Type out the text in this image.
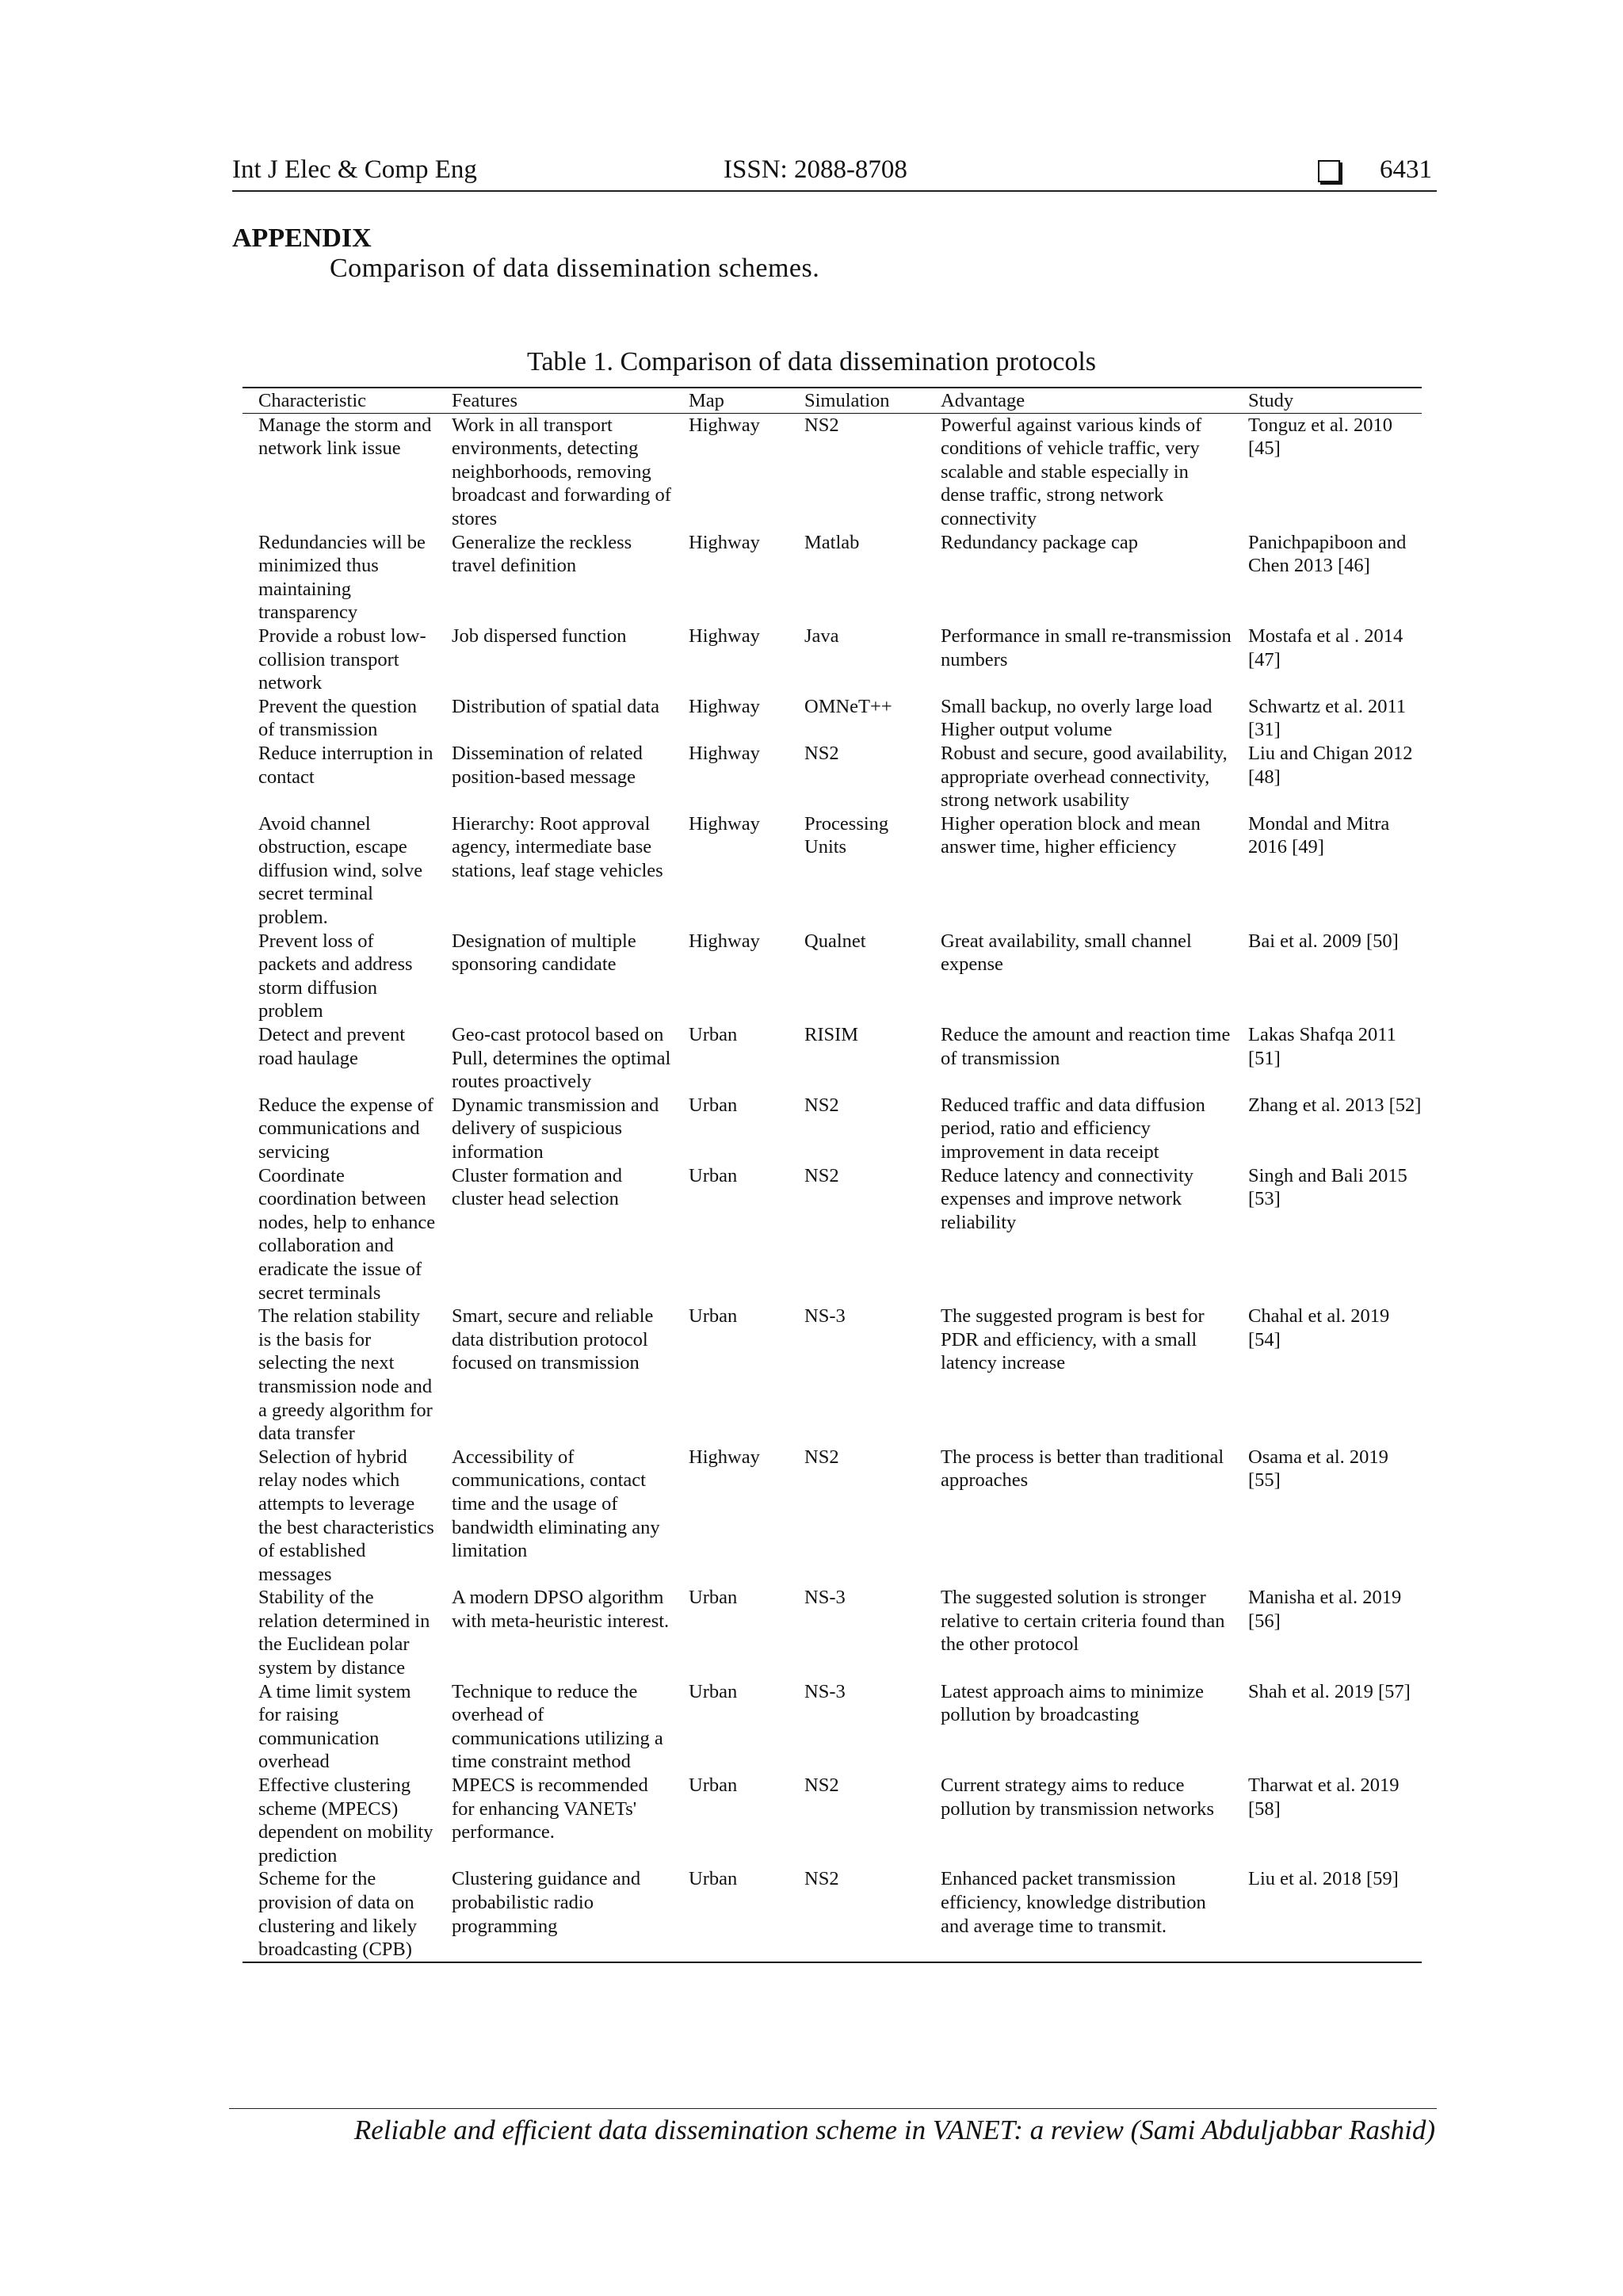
Int J Elec & Comp Eng	ISSN: 2088-8708	6431
APPENDIX
Comparison of data dissemination schemes.
Table 1. Comparison of data dissemination protocols
Characteristic	Features	Map	Simulation	Advantage	Study
Manage the storm and network link issue	Work in all transport environments, detecting neighborhoods, removing broadcast and forwarding of stores	Highway	NS2	Powerful against various kinds of conditions of vehicle traffic, very scalable and stable especially in dense traffic, strong network connectivity	Tonguz et al. 2010 [45]
Redundancies will be minimized thus maintaining transparency	Generalize the reckless travel definition	Highway	Matlab	Redundancy package cap	Panichpapiboon and Chen 2013 [46]
Provide a robust low-collision transport network	Job dispersed function	Highway	Java	Performance in small re-transmission numbers	Mostafa et al . 2014 [47]
Prevent the question of transmission	Distribution of spatial data	Highway	OMNeT++	Small backup, no overly large load Higher output volume	Schwartz et al. 2011 [31]
Reduce interruption in contact	Dissemination of related position-based message	Highway	NS2	Robust and secure, good availability, appropriate overhead connectivity, strong network usability	Liu and Chigan 2012 [48]
Avoid channel obstruction, escape diffusion wind, solve secret terminal problem.	Hierarchy: Root approval agency, intermediate base stations, leaf stage vehicles	Highway	Processing Units	Higher operation block and mean answer time, higher efficiency	Mondal and Mitra 2016 [49]
Prevent loss of packets and address storm diffusion problem	Designation of multiple sponsoring candidate	Highway	Qualnet	Great availability, small channel expense	Bai et al. 2009 [50]
Detect and prevent road haulage	Geo-cast protocol based on Pull, determines the optimal routes proactively	Urban	RISIM	Reduce the amount and reaction time of transmission	Lakas Shafqa 2011 [51]
Reduce the expense of communications and servicing	Dynamic transmission and delivery of suspicious information	Urban	NS2	Reduced traffic and data diffusion period, ratio and efficiency improvement in data receipt	Zhang et al. 2013 [52]
Coordinate coordination between nodes, help to enhance collaboration and eradicate the issue of secret terminals	Cluster formation and cluster head selection	Urban	NS2	Reduce latency and connectivity expenses and improve network reliability	Singh and Bali 2015 [53]
The relation stability is the basis for selecting the next transmission node and a greedy algorithm for data transfer	Smart, secure and reliable data distribution protocol focused on transmission	Urban	NS-3	The suggested program is best for PDR and efficiency, with a small latency increase	Chahal et al. 2019 [54]
Selection of hybrid relay nodes which attempts to leverage the best characteristics of established messages	Accessibility of communications, contact time and the usage of bandwidth eliminating any limitation	Highway	NS2	The process is better than traditional approaches	Osama et al. 2019 [55]
Stability of the relation determined in the Euclidean polar system by distance	A modern DPSO algorithm with meta-heuristic interest.	Urban	NS-3	The suggested solution is stronger relative to certain criteria found than the other protocol	Manisha et al. 2019 [56]
A time limit system for raising communication overhead	Technique to reduce the overhead of communications utilizing a time constraint method	Urban	NS-3	Latest approach aims to minimize pollution by broadcasting	Shah et al. 2019 [57]
Effective clustering scheme (MPECS) dependent on mobility prediction	MPECS is recommended for enhancing VANETs' performance.	Urban	NS2	Current strategy aims to reduce pollution by transmission networks	Tharwat et al. 2019 [58]
Scheme for the provision of data on clustering and likely broadcasting (CPB)	Clustering guidance and probabilistic radio programming	Urban	NS2	Enhanced packet transmission efficiency, knowledge distribution and average time to transmit.	Liu et al. 2018 [59]
Reliable and efficient data dissemination scheme in VANET: a review (Sami Abduljabbar Rashid)
